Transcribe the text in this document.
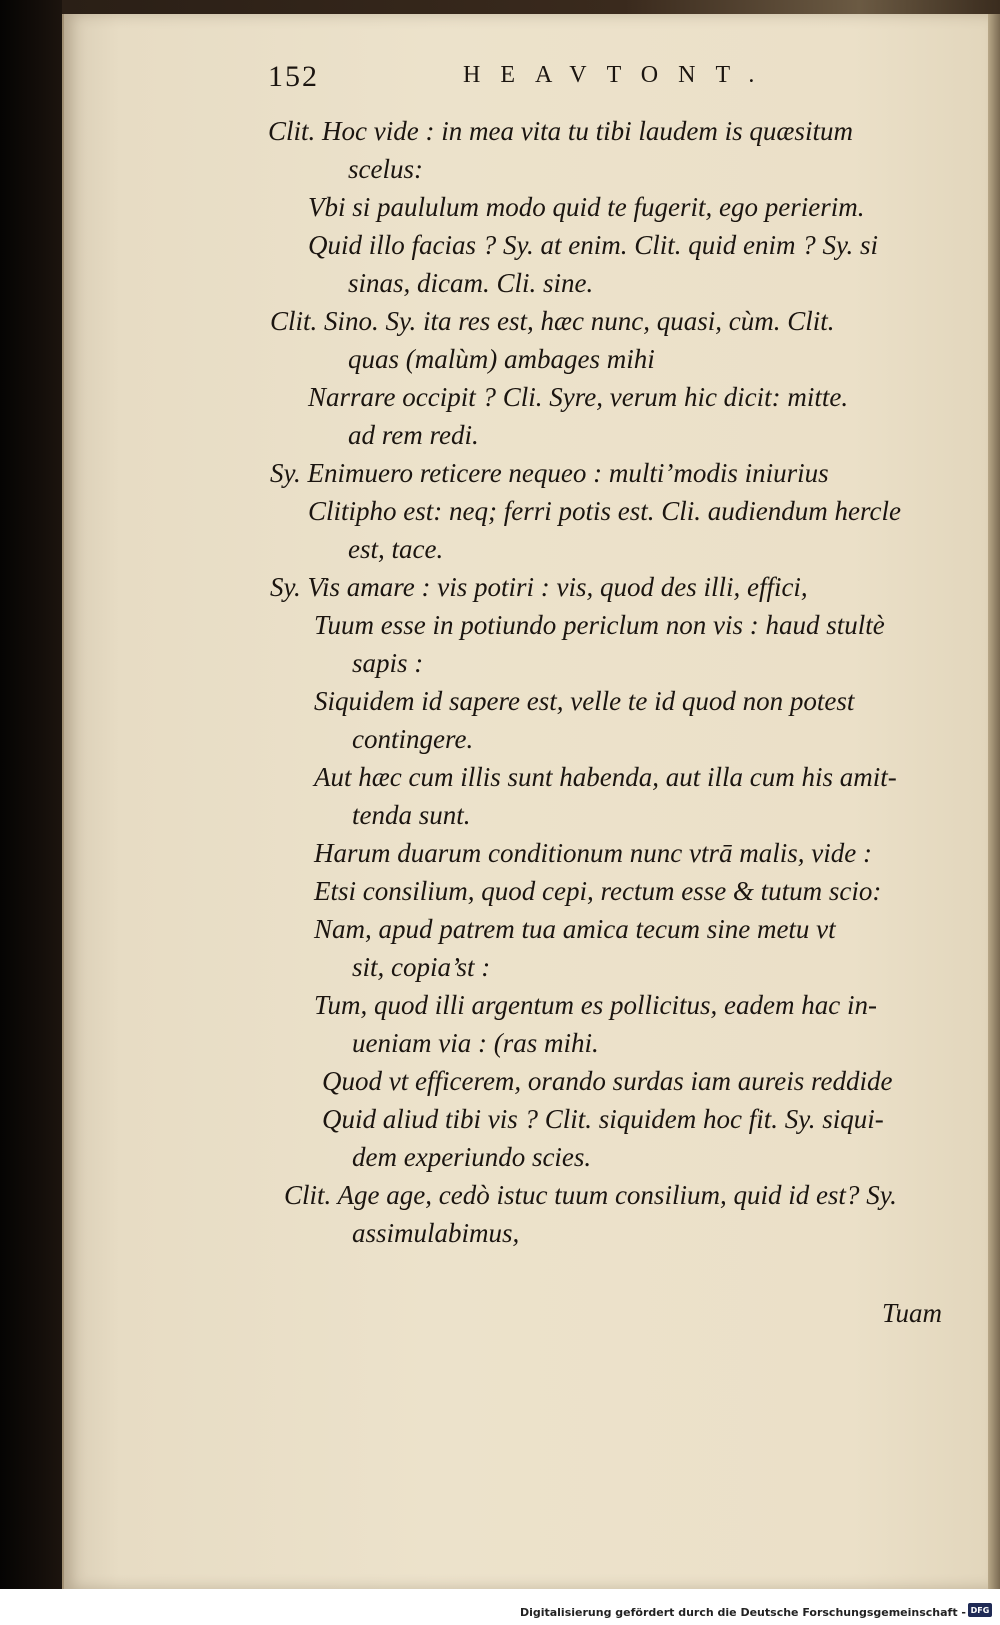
152	HEAVTONT.
Clit. Hoc vide : in mea vita tu tibi laudem is quæsitum
scelus:
Vbi si paululum modo quid te fugerit, ego perierim.
Quid illo facias ? Sy. at enim. Clit. quid enim ? Sy. si
sinas, dicam. Cli. sine.
Clit. Sino. Sy. ita res est, hæc nunc, quasi, cùm. Clit.
quas (malùm) ambages mihi
Narrare occipit ? Cli. Syre, verum hic dicit: mitte.
ad rem redi.
Sy. Enimuero reticere nequeo : multi’modis iniurius
Clitipho est: neq; ferri potis est. Cli. audiendum hercle
est, tace.
Sy. Vis amare : vis potiri : vis, quod des illi, effici,
Tuum esse in potiundo periclum non vis : haud stultè
sapis :
Siquidem id sapere est, velle te id quod non potest
contingere.
Aut hæc cum illis sunt habenda, aut illa cum his amit-
tenda sunt.
Harum duarum conditionum nunc vtrā malis, vide :
Etsi consilium, quod cepi, rectum esse & tutum scio:
Nam, apud patrem tua amica tecum sine metu vt
sit, copia’st :
Tum, quod illi argentum es pollicitus, eadem hac in-
ueniam via : (ras mihi.
Quod vt efficerem, orando surdas iam aureis reddide
Quid aliud tibi vis ? Clit. siquidem hoc fit. Sy. siqui-
dem experiundo scies.
Clit. Age age, cedò istuc tuum consilium, quid id est? Sy.
assimulabimus,
Tuam
Digitalisierung gefördert durch die Deutsche Forschungsgemeinschaft - DFG
